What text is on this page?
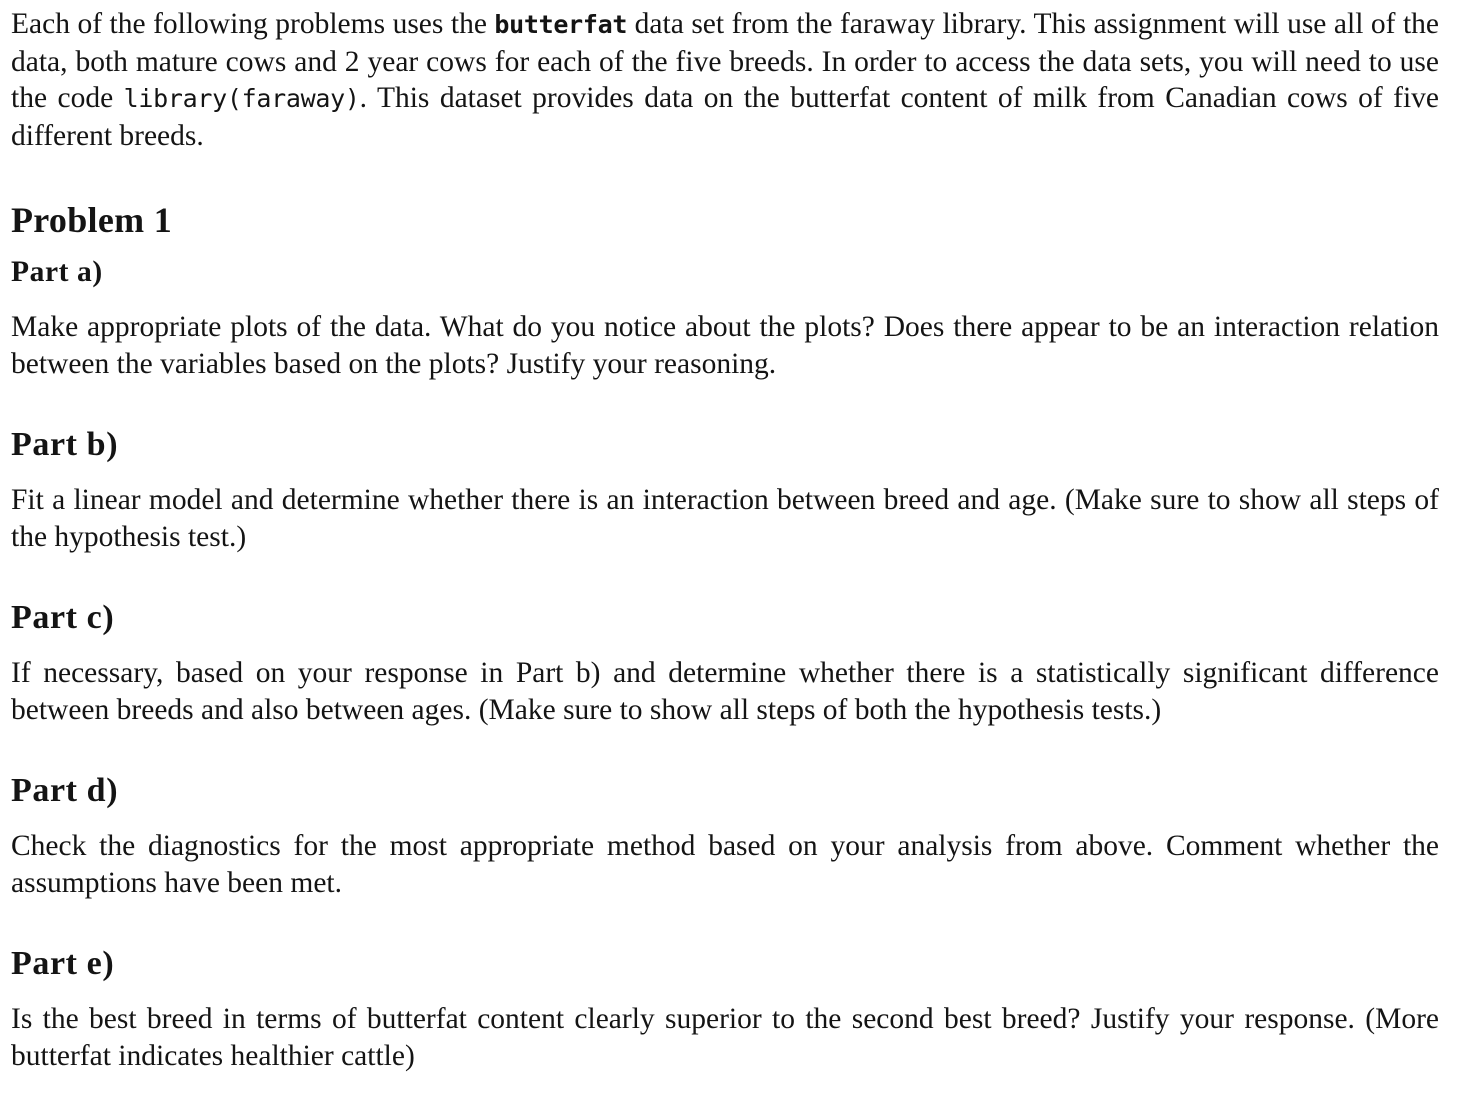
Each of the following problems uses the butterfat data set from the faraway library. This assignment will use all of the data, both mature cows and 2 year cows for each of the five breeds. In order to access the data sets, you will need to use the code library(faraway). This dataset provides data on the butterfat content of milk from Canadian cows of five different breeds.

Problem 1
Part a)

Make appropriate plots of the data. What do you notice about the plots? Does there appear to be an interaction relation between the variables based on the plots? Justify your reasoning.

Part b)

Fit a linear model and determine whether there is an interaction between breed and age. (Make sure to show all steps of the hypothesis test.)

Part c)

If necessary, based on your response in Part b) and determine whether there is a statistically significant difference between breeds and also between ages. (Make sure to show all steps of both the hypothesis tests.)

Part d)

Check the diagnostics for the most appropriate method based on your analysis from above. Comment whether the assumptions have been met.

Part e)

Is the best breed in terms of butterfat content clearly superior to the second best breed? Justify your response. (More butterfat indicates healthier cattle)
